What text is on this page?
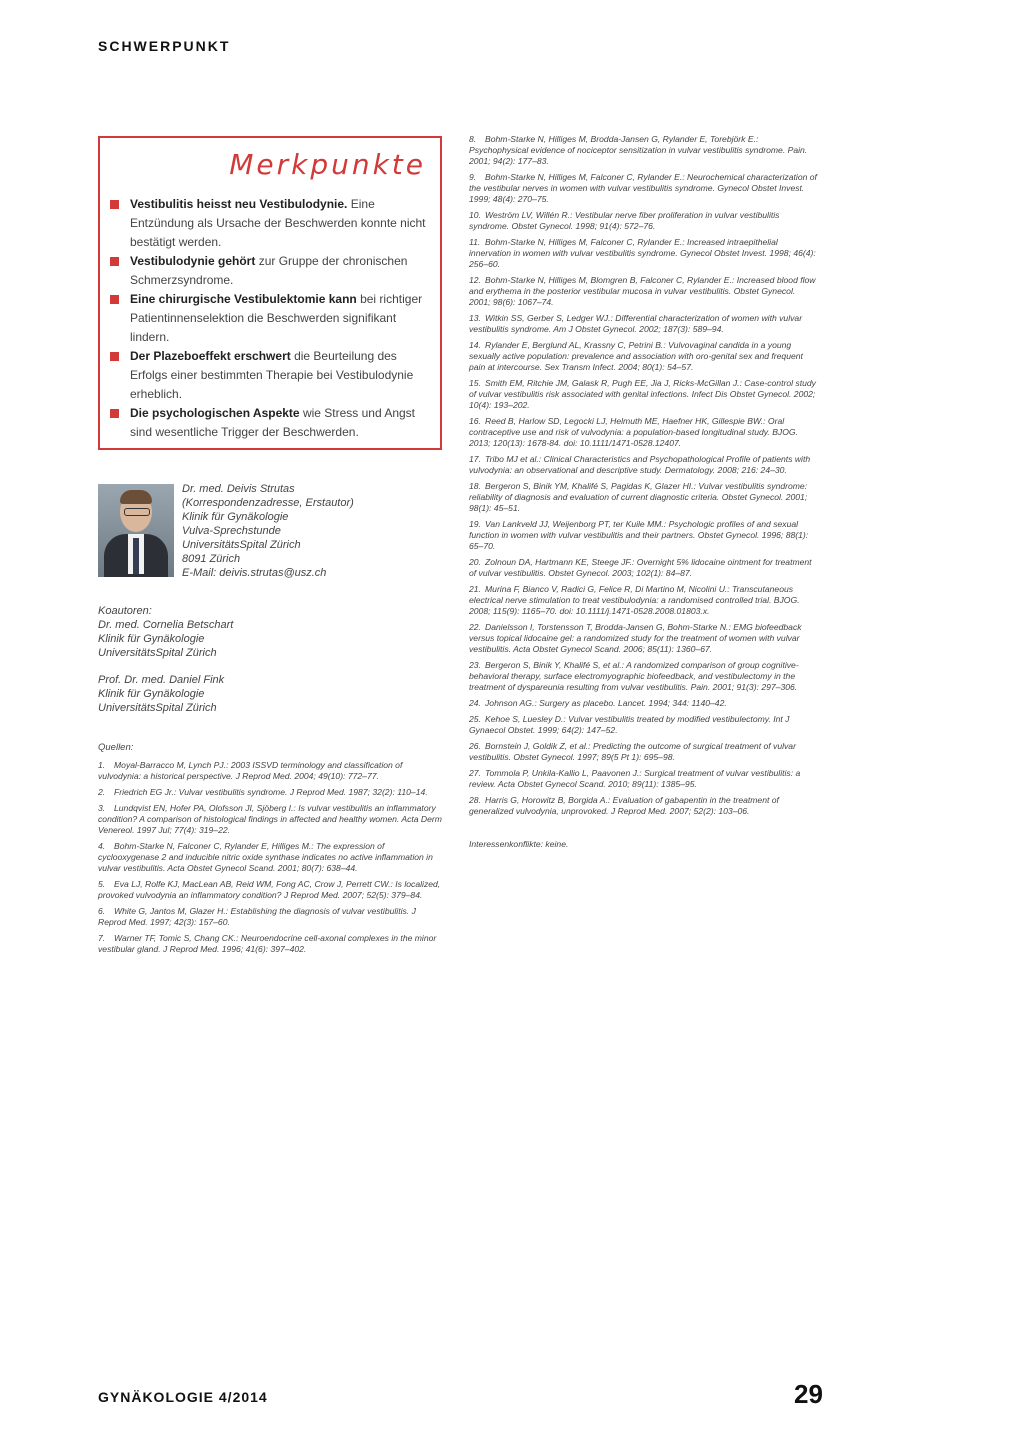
SCHWERPUNKT
Merkpunkte
Vestibulitis heisst neu Vestibulodynie. Eine Entzündung als Ursache der Beschwerden konnte nicht bestätigt werden.
Vestibulodynie gehört zur Gruppe der chronischen Schmerzsyndrome.
Eine chirurgische Vestibulektomie kann bei richtiger Patientinnenselektion die Beschwerden signifikant lindern.
Der Plazeboeffekt erschwert die Beurteilung des Erfolgs einer bestimmten Therapie bei Vestibulodynie erheblich.
Die psychologischen Aspekte wie Stress und Angst sind wesentliche Trigger der Beschwerden.
Dr. med. Deivis Strutas
(Korrespondenzadresse, Erstautor)
Klinik für Gynäkologie
Vulva-Sprechstunde
UniversitätsSpital Zürich
8091 Zürich
E-Mail: deivis.strutas@usz.ch
Koautoren:
Dr. med. Cornelia Betschart
Klinik für Gynäkologie
UniversitätsSpital Zürich
Prof. Dr. med. Daniel Fink
Klinik für Gynäkologie
UniversitätsSpital Zürich
Quellen:
1. Moyal-Barracco M, Lynch PJ.: 2003 ISSVD terminology and classification of vulvodynia: a historical perspective. J Reprod Med. 2004; 49(10): 772–77.
2. Friedrich EG Jr.: Vulvar vestibulitis syndrome. J Reprod Med. 1987; 32(2): 110–14.
3. Lundqvist EN, Hofer PA, Olofsson JI, Sjöberg I.: Is vulvar vestibulitis an inflammatory condition? A comparison of histological findings in affected and healthy women. Acta Derm Venereol. 1997 Jul; 77(4): 319–22.
4. Bohm-Starke N, Falconer C, Rylander E, Hilliges M.: The expression of cyclooxygenase 2 and inducible nitric oxide synthase indicates no active inflammation in vulvar vestibulitis. Acta Obstet Gynecol Scand. 2001; 80(7): 638–44.
5. Eva LJ, Rolfe KJ, MacLean AB, Reid WM, Fong AC, Crow J, Perrett CW.: Is localized, provoked vulvodynia an inflammatory condition? J Reprod Med. 2007; 52(5): 379–84.
6. White G, Jantos M, Glazer H.: Establishing the diagnosis of vulvar vestibulitis. J Reprod Med. 1997; 42(3): 157–60.
7. Warner TF, Tomic S, Chang CK.: Neuroendocrine cell-axonal complexes in the minor vestibular gland. J Reprod Med. 1996; 41(6): 397–402.
8. Bohm-Starke N, Hilliges M, Brodda-Jansen G, Rylander E, Torebjörk E.: Psychophysical evidence of nociceptor sensitization in vulvar vestibulitis syndrome. Pain. 2001; 94(2): 177–83.
9. Bohm-Starke N, Hilliges M, Falconer C, Rylander E.: Neurochemical characterization of the vestibular nerves in women with vulvar vestibulitis syndrome. Gynecol Obstet Invest. 1999; 48(4): 270–75.
10. Weström LV, Willén R.: Vestibular nerve fiber proliferation in vulvar vestibulitis syndrome. Obstet Gynecol. 1998; 91(4): 572–76.
11. Bohm-Starke N, Hilliges M, Falconer C, Rylander E.: Increased intraepithelial innervation in women with vulvar vestibulitis syndrome. Gynecol Obstet Invest. 1998; 46(4): 256–60.
12. Bohm-Starke N, Hilliges M, Blomgren B, Falconer C, Rylander E.: Increased blood flow and erythema in the posterior vestibular mucosa in vulvar vestibulitis. Obstet Gynecol. 2001; 98(6): 1067–74.
13. Witkin SS, Gerber S, Ledger WJ.: Differential characterization of women with vulvar vestibulitis syndrome. Am J Obstet Gynecol. 2002; 187(3): 589–94.
14. Rylander E, Berglund AL, Krassny C, Petrini B.: Vulvovaginal candida in a young sexually active population: prevalence and association with oro-genital sex and frequent pain at intercourse. Sex Transm Infect. 2004; 80(1): 54–57.
15. Smith EM, Ritchie JM, Galask R, Pugh EE, Jia J, Ricks-McGillan J.: Case-control study of vulvar vestibulitis risk associated with genital infections. Infect Dis Obstet Gynecol. 2002; 10(4): 193–202.
16. Reed B, Harlow SD, Legocki LJ, Helmuth ME, Haefner HK, Gillespie BW.: Oral contraceptive use and risk of vulvodynia: a population-based longitudinal study. BJOG. 2013; 120(13): 1678-84. doi: 10.1111/1471-0528.12407.
17. Tribo MJ et al.: Clinical Characteristics and Psychopathological Profile of patients with vulvodynia: an observational and descriptive study. Dermatology. 2008; 216: 24–30.
18. Bergeron S, Binik YM, Khalifé S, Pagidas K, Glazer HI.: Vulvar vestibulitis syndrome: reliability of diagnosis and evaluation of current diagnostic criteria. Obstet Gynecol. 2001; 98(1): 45–51.
19. Van Lankveld JJ, Weijenborg PT, ter Kuile MM.: Psychologic profiles of and sexual function in women with vulvar vestibulitis and their partners. Obstet Gynecol. 1996; 88(1): 65–70.
20. Zolnoun DA, Hartmann KE, Steege JF.: Overnight 5% lidocaine ointment for treatment of vulvar vestibulitis. Obstet Gynecol. 2003; 102(1): 84–87.
21. Murina F, Bianco V, Radici G, Felice R, Di Martino M, Nicolini U.: Transcutaneous electrical nerve stimulation to treat vestibulodynia: a randomised controlled trial. BJOG. 2008; 115(9): 1165–70. doi: 10.1111/j.1471-0528.2008.01803.x.
22. Danielsson I, Torstensson T, Brodda-Jansen G, Bohm-Starke N.: EMG biofeedback versus topical lidocaine gel: a randomized study for the treatment of women with vulvar vestibulitis. Acta Obstet Gynecol Scand. 2006; 85(11): 1360–67.
23. Bergeron S, Binik Y, Khalifé S, et al.: A randomized comparison of group cognitive-behavioral therapy, surface electromyographic biofeedback, and vestibulectomy in the treatment of dyspareunia resulting from vulvar vestibulitis. Pain. 2001; 91(3): 297–306.
24. Johnson AG.: Surgery as placebo. Lancet. 1994; 344: 1140–42.
25. Kehoe S, Luesley D.: Vulvar vestibulitis treated by modified vestibulectomy. Int J Gynaecol Obstet. 1999; 64(2): 147–52.
26. Bornstein J, Goldik Z, et al.: Predicting the outcome of surgical treatment of vulvar vestibulitis. Obstet Gynecol. 1997; 89(5 Pt 1): 695–98.
27. Tommola P, Unkila-Kallio L, Paavonen J.: Surgical treatment of vulvar vestibulitis: a review. Acta Obstet Gynecol Scand. 2010; 89(11): 1385–95.
28. Harris G, Horowitz B, Borgida A.: Evaluation of gabapentin in the treatment of generalized vulvodynia, unprovoked. J Reprod Med. 2007; 52(2): 103–06.
Interessenkonflikte: keine.
GYNÄKOLOGIE 4/2014	29
